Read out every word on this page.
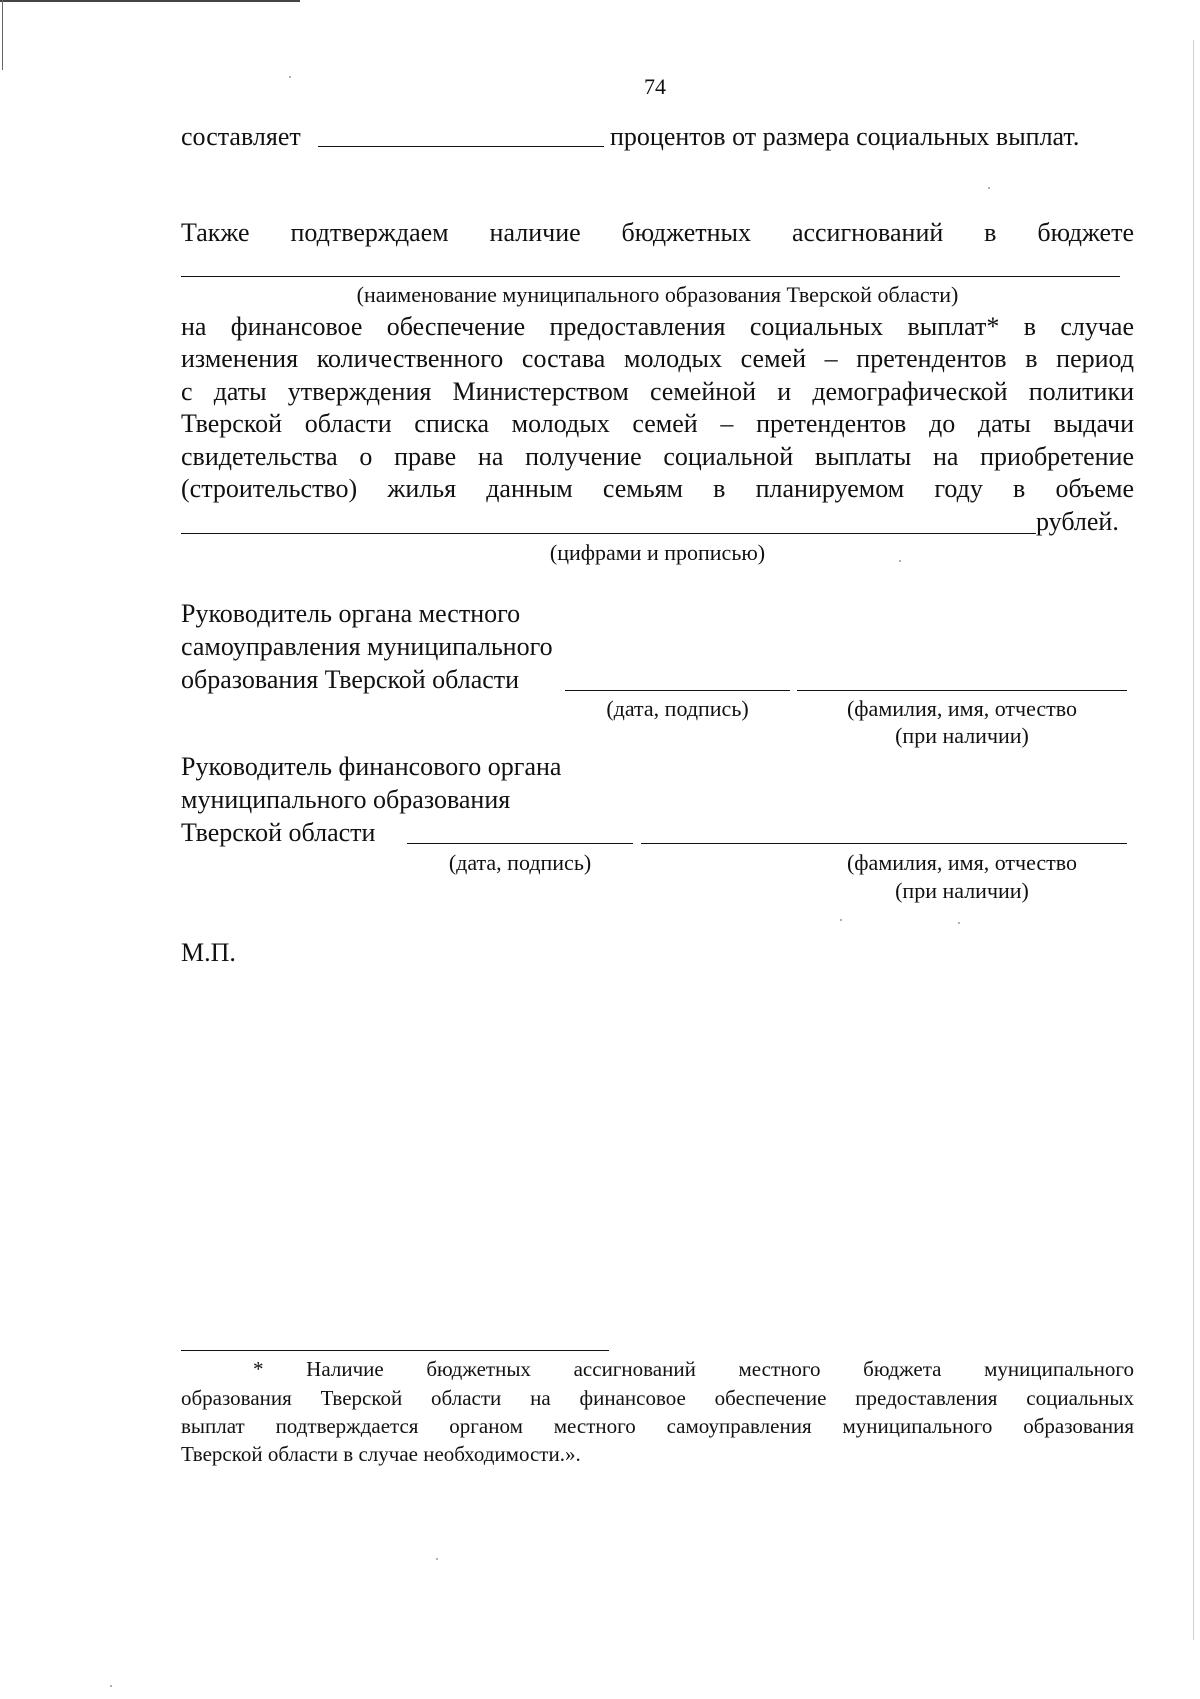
74
составляет	процентов от размера социальных выплат.
Также подтверждаем наличие бюджетных ассигнований в бюджете
(наименование муниципального образования Тверской области)
на финансовое обеспечение предоставления социальных выплат* в случае
изменения количественного состава молодых семей – претендентов в период
с даты утверждения Министерством семейной и демографической политики
Тверской области списка молодых семей – претендентов до даты выдачи
свидетельства о праве на получение социальной выплаты на приобретение
(строительство) жилья данным семьям в планируемом году в объеме
рублей.
(цифрами и прописью)
Руководитель органа местного
самоуправления муниципального
образования Тверской области
(дата, подпись)	(фамилия, имя, отчество
(при наличии)
Руководитель финансового органа
муниципального образования
Тверской области
(дата, подпись)	(фамилия, имя, отчество
(при наличии)
М.П.
* Наличие бюджетных ассигнований местного бюджета муниципального
образования Тверской области на финансовое обеспечение предоставления социальных
выплат подтверждается органом местного самоуправления муниципального образования
Тверской области в случае необходимости.».
